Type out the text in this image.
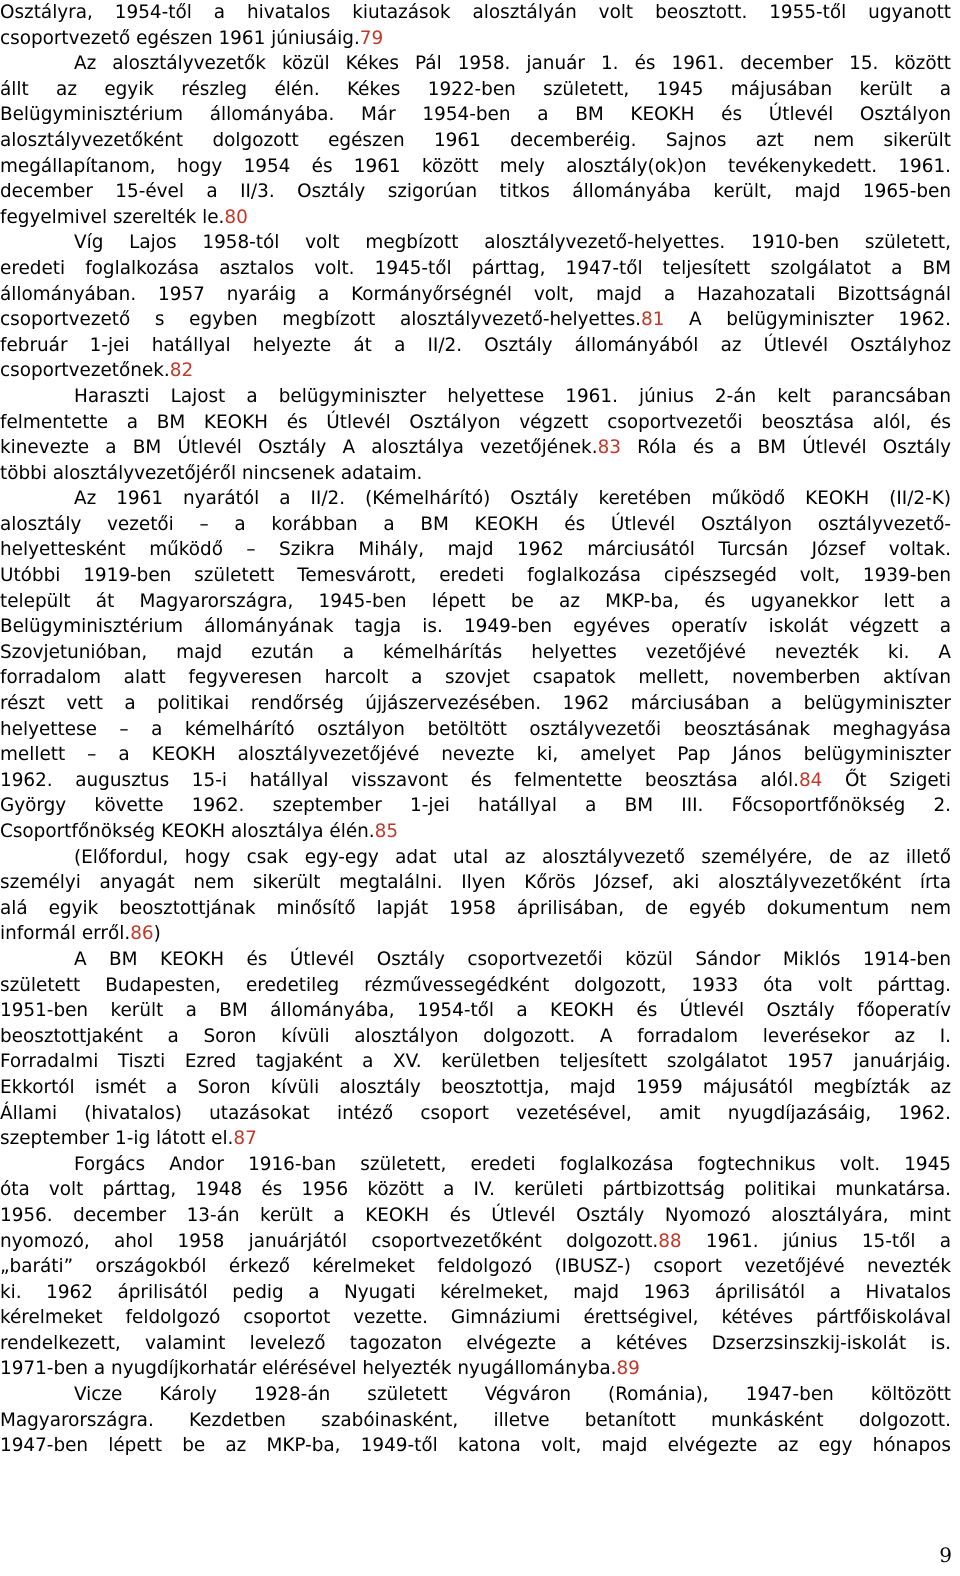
Osztályra, 1954-től a hivatalos kiutazások alosztályán volt beosztott. 1955-től ugyanott
csoportvezető egészen 1961 júniusáig.79
Az alosztályvezetők közül Kékes Pál 1958. január 1. és 1961. december 15. között
állt az egyik részleg élén. Kékes 1922-ben született, 1945 májusában került a
Belügyminisztérium állományába. Már 1954-ben a BM KEOKH és Útlevél Osztályon
alosztályvezetőként dolgozott egészen 1961 decemberéig. Sajnos azt nem sikerült
megállapítanom, hogy 1954 és 1961 között mely alosztály(ok)on tevékenykedett. 1961.
december 15-ével a II/3. Osztály szigorúan titkos állományába került, majd 1965-ben
fegyelmivel szerelték le.80
Víg Lajos 1958-tól volt megbízott alosztályvezető-helyettes. 1910-ben született,
eredeti foglalkozása asztalos volt. 1945-től párttag, 1947-től teljesített szolgálatot a BM
állományában. 1957 nyaráig a Kormányőrségnél volt, majd a Hazahozatali Bizottságnál
csoportvezető s egyben megbízott alosztályvezető-helyettes.81 A belügyminiszter 1962.
február 1-jei hatállyal helyezte át a II/2. Osztály állományából az Útlevél Osztályhoz
csoportvezetőnek.82
Haraszti Lajost a belügyminiszter helyettese 1961. június 2-án kelt parancsában
felmentette a BM KEOKH és Útlevél Osztályon végzett csoportvezetői beosztása alól, és
kinevezte a BM Útlevél Osztály A alosztálya vezetőjének.83 Róla és a BM Útlevél Osztály
többi alosztályvezetőjéről nincsenek adataim.
Az 1961 nyarától a II/2. (Kémelhárító) Osztály keretében működő KEOKH (II/2-K)
alosztály vezetői – a korábban a BM KEOKH és Útlevél Osztályon osztályvezető-
helyettesként működő – Szikra Mihály, majd 1962 márciusától Turcsán József voltak.
Utóbbi 1919-ben született Temesvárott, eredeti foglalkozása cipészsegéd volt, 1939-ben
települt át Magyarországra, 1945-ben lépett be az MKP-ba, és ugyanekkor lett a
Belügyminisztérium állományának tagja is. 1949-ben egyéves operatív iskolát végzett a
Szovjetunióban, majd ezután a kémelhárítás helyettes vezetőjévé nevezték ki. A
forradalom alatt fegyveresen harcolt a szovjet csapatok mellett, novemberben aktívan
részt vett a politikai rendőrség újjászervezésében. 1962 márciusában a belügyminiszter
helyettese – a kémelhárító osztályon betöltött osztályvezetői beosztásának meghagyása
mellett – a KEOKH alosztályvezetőjévé nevezte ki, amelyet Pap János belügyminiszter
1962. augusztus 15-i hatállyal visszavont és felmentette beosztása alól.84 Őt Szigeti
György követte 1962. szeptember 1-jei hatállyal a BM III. Főcsoportfőnökség 2.
Csoportfőnökség KEOKH alosztálya élén.85
(Előfordul, hogy csak egy-egy adat utal az alosztályvezető személyére, de az illető
személyi anyagát nem sikerült megtalálni. Ilyen Kőrös József, aki alosztályvezetőként írta
alá egyik beosztottjának minősítő lapját 1958 áprilisában, de egyéb dokumentum nem
informál erről.86)
A BM KEOKH és Útlevél Osztály csoportvezetői közül Sándor Miklós 1914-ben
született Budapesten, eredetileg rézművessegédként dolgozott, 1933 óta volt párttag.
1951-ben került a BM állományába, 1954-től a KEOKH és Útlevél Osztály főoperatív
beosztottjaként a Soron kívüli alosztályon dolgozott. A forradalom leverésekor az I.
Forradalmi Tiszti Ezred tagjaként a XV. kerületben teljesített szolgálatot 1957 januárjáig.
Ekkortól ismét a Soron kívüli alosztály beosztottja, majd 1959 májusától megbízták az
Állami (hivatalos) utazásokat intéző csoport vezetésével, amit nyugdíjazásáig, 1962.
szeptember 1-ig látott el.87
Forgács Andor 1916-ban született, eredeti foglalkozása fogtechnikus volt. 1945
óta volt párttag, 1948 és 1956 között a IV. kerületi pártbizottság politikai munkatársa.
1956. december 13-án került a KEOKH és Útlevél Osztály Nyomozó alosztályára, mint
nyomozó, ahol 1958 januárjától csoportvezetőként dolgozott.88 1961. június 15-től a
„baráti” országokból érkező kérelmeket feldolgozó (IBUSZ-) csoport vezetőjévé nevezték
ki. 1962 áprilisától pedig a Nyugati kérelmeket, majd 1963 áprilisától a Hivatalos
kérelmeket feldolgozó csoportot vezette. Gimnáziumi érettségivel, kétéves pártfőiskolával
rendelkezett, valamint levelező tagozaton elvégezte a kétéves Dzserzsinszkij-iskolát is.
1971-ben a nyugdíjkorhatár elérésével helyezték nyugállományba.89
Vicze Károly 1928-án született Végváron (Románia), 1947-ben költözött
Magyarországra. Kezdetben szabóinasként, illetve betanított munkásként dolgozott.
1947-ben lépett be az MKP-ba, 1949-től katona volt, majd elvégezte az egy hónapos
9
